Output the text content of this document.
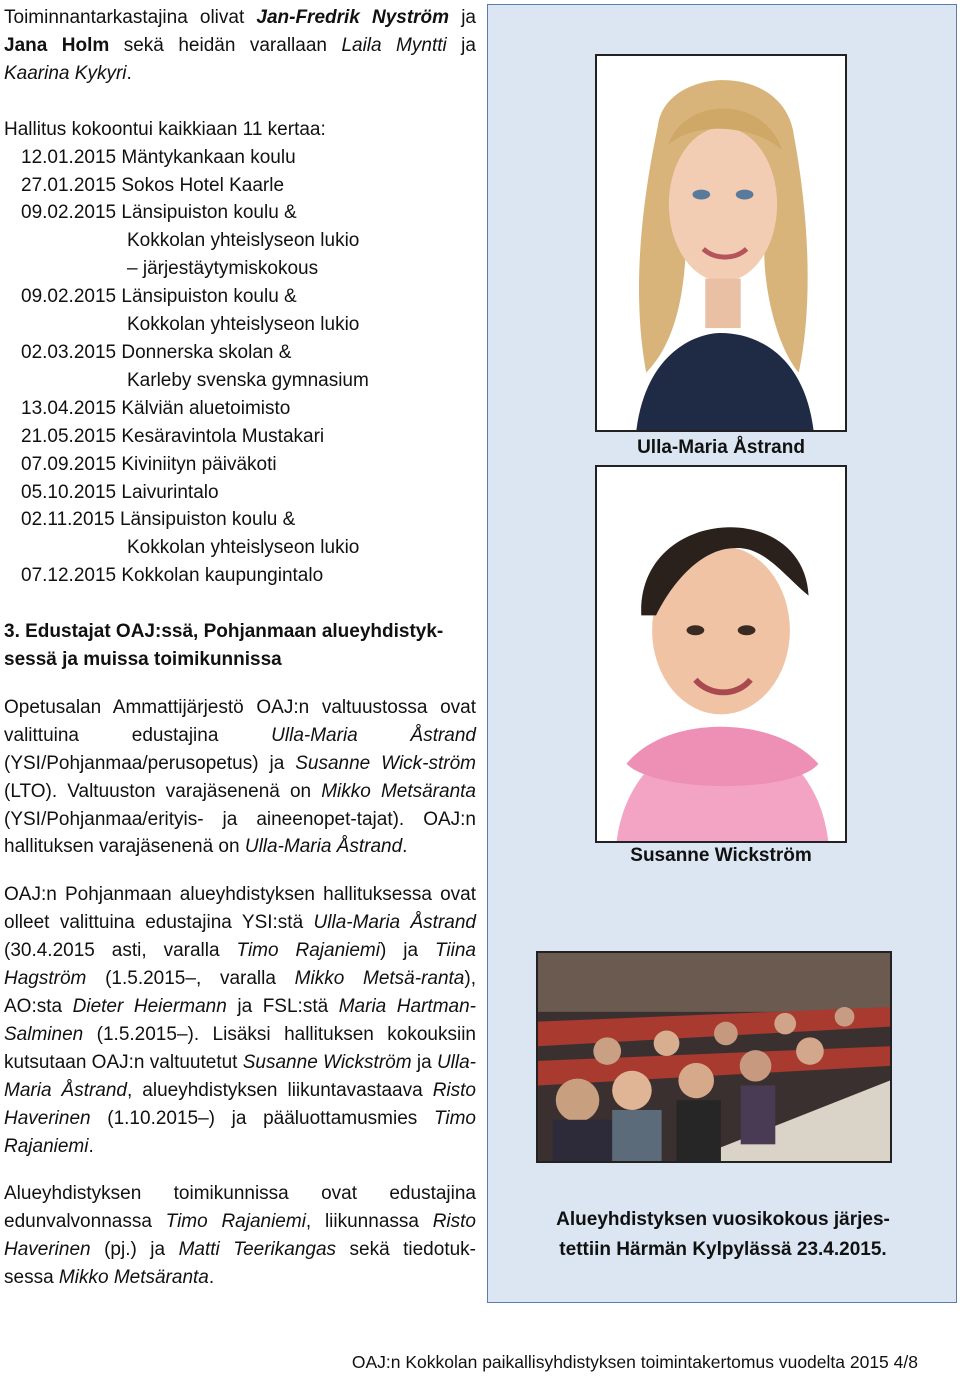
Toiminnantarkastajina olivat Jan-Fredrik Nyström ja Jana Holm sekä heidän varallaan Laila Myntti ja Kaarina Kykyri.

Hallitus kokoontui kaikkiaan 11 kertaa:

12.01.2015 Mäntykankaan koulu
27.01.2015 Sokos Hotel Kaarle
09.02.2015 Länsipuiston koulu &
Kokkolan yhteislyseon lukio
– järjestäytymiskokous
09.02.2015 Länsipuiston koulu &
Kokkolan yhteislyseon lukio
02.03.2015 Donnerska skolan &
Karleby svenska gymnasium
13.04.2015 Kälviän aluetoimisto
21.05.2015 Kesäravintola Mustakari
07.09.2015 Kiviniityn päiväkoti
05.10.2015 Laivurintalo
02.11.2015 Länsipuiston koulu &
Kokkolan yhteislyseon lukio
07.12.2015 Kokkolan kaupungintalo

3. Edustajat OAJ:ssä, Pohjanmaan alueyhdistyk-
sessä ja muissa toimikunnissa

Opetusalan Ammattijärjestö OAJ:n valtuustossa ovat valittuina edustajina Ulla-Maria Åstrand (YSI/Pohjanmaa/perusopetus) ja Susanne Wick-ström (LTO). Valtuuston varajäsenenä on Mikko Metsäranta (YSI/Pohjanmaa/erityis- ja aineenopet-tajat). OAJ:n hallituksen varajäsenenä on Ulla-Maria Åstrand.

OAJ:n Pohjanmaan alueyhdistyksen hallituksessa ovat olleet valittuina edustajina YSI:stä Ulla-Maria Åstrand (30.4.2015 asti, varalla Timo Rajaniemi) ja Tiina Hagström (1.5.2015–, varalla Mikko Metsä-ranta), AO:sta Dieter Heiermann ja FSL:stä Maria Hartman-Salminen (1.5.2015–). Lisäksi hallituksen kokouksiin kutsutaan OAJ:n valtuutetut Susanne Wickström ja Ulla-Maria Åstrand, alueyhdistyksen liikuntavastaava Risto Haverinen (1.10.2015–) ja pääluottamusmies Timo Rajaniemi.

Alueyhdistyksen toimikunnissa ovat edustajina edunvalvonnassa Timo Rajaniemi, liikunnassa Risto Haverinen (pj.) ja Matti Teerikangas sekä tiedotuk-sessa Mikko Metsäranta.

Ulla-Maria Åstrand
Susanne Wickström
Alueyhdistyksen vuosikokous järjes-
tettiin Härmän Kylpylässä 23.4.2015.
OAJ:n Kokkolan paikallisyhdistyksen toimintakertomus vuodelta 2015 4/8
